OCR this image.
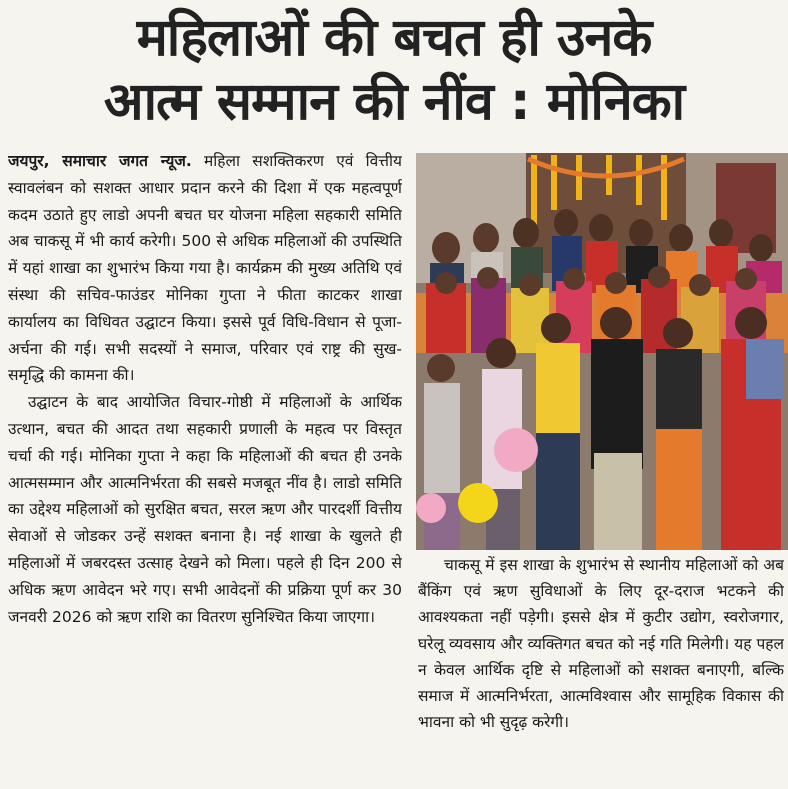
महिलाओं की बचत ही उनके
आत्म सम्मान की नींव : मोनिका

जयपुर, समाचार जगत न्यूज. महिला सशक्तिकरण एवं वित्तीय स्वावलंबन को सशक्त आधार प्रदान करने की दिशा में एक महत्वपूर्ण कदम उठाते हुए लाडो अपनी बचत घर योजना महिला सहकारी समिति अब चाकसू में भी कार्य करेगी। 500 से अधिक महिलाओं की उपस्थिति में यहां शाखा का शुभारंभ किया गया है। कार्यक्रम की मुख्य अतिथि एवं संस्था की सचिव-फाउंडर मोनिका गुप्ता ने फीता काटकर शाखा कार्यालय का विधिवत उद्घाटन किया। इससे पूर्व विधि-विधान से पूजा-अर्चना की गई। सभी सदस्यों ने समाज, परिवार एवं राष्ट्र की सुख-समृद्धि की कामना की।

उद्घाटन के बाद आयोजित विचार-गोष्ठी में महिलाओं के आर्थिक उत्थान, बचत की आदत तथा सहकारी प्रणाली के महत्व पर विस्तृत चर्चा की गई। मोनिका गुप्ता ने कहा कि महिलाओं की बचत ही उनके आत्मसम्मान और आत्मनिर्भरता की सबसे मजबूत नींव है। लाडो समिति का उद्देश्य महिलाओं को सुरक्षित बचत, सरल ऋण और पारदर्शी वित्तीय सेवाओं से जोडकर उन्हें सशक्त बनाना है। नई शाखा के खुलते ही महिलाओं में जबरदस्त उत्साह देखने को मिला। पहले ही दिन 200 से अधिक ऋण आवेदन भरे गए। सभी आवेदनों की प्रक्रिया पूर्ण कर 30 जनवरी 2026 को ऋण राशि का वितरण सुनिश्चित किया जाएगा।

चाकसू में इस शाखा के शुभारंभ से स्थानीय महिलाओं को अब बैंकिंग एवं ऋण सुविधाओं के लिए दूर-दराज भटकने की आवश्यकता नहीं पड़ेगी। इससे क्षेत्र में कुटीर उद्योग, स्वरोजगार, घरेलू व्यवसाय और व्यक्तिगत बचत को नई गति मिलेगी। यह पहल न केवल आर्थिक दृष्टि से महिलाओं को सशक्त बनाएगी, बल्कि समाज में आत्मनिर्भरता, आत्मविश्वास और सामूहिक विकास की भावना को भी सुदृढ़ करेगी।
